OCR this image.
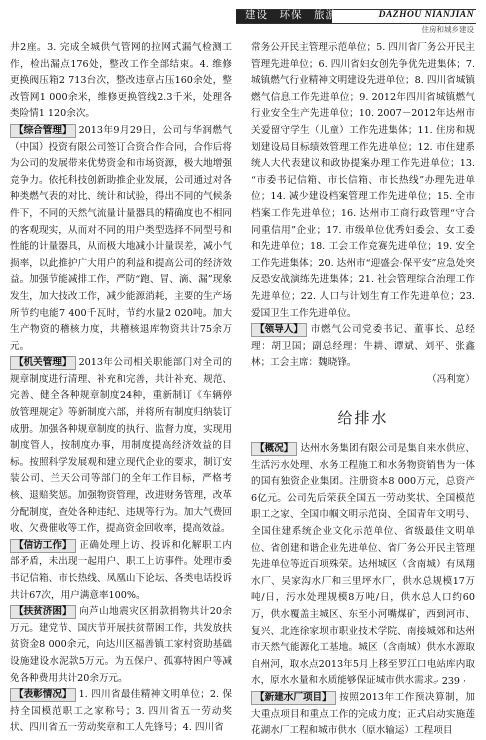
建设　环保　旅游	DAZHOU NIANJIAN
住房和城乡建设

井2座。3. 完成全城供气管网的拉网式漏气检测工作，检出漏点176处，整改工作全部结束。4. 维修更换阀压箱2 713台次，整改违章占压160余处，整改管网1 000余米，维修更换管线2.3千米，处理各类险情1 120余次。

【综合管理】 2013年9月29日，公司与华润燃气（中国）投资有限公司签订合资合作合同，合作后将为公司的发展带来优势资金和市场资源，极大地增强竞争力。依托科技创新助推企业发展，公司通过对各种类燃气表的对比、统计和试验，得出不同的气候条件下，不同的天然气流量计量器具的精确度也不相同的客观现实，从而对不同的用户类型选择不同型号和性能的计量器具，从而极大地减小计量误差，减小气损率，以此推护广大用户的利益和提高公司的经济效益。加强节能减排工作，严防“跑、冒、滴、漏”现象发生，加大技改工作，减少能源消耗，主要的生产场所节约电能7 400千瓦时，节约水量2 020吨。加大生产物资的稽核力度，共稽核退库物资共计75余万元。

【机关管理】 2013年公司相关职能部门对全司的规章制度进行清理、补充和完善，共计补充、规范、完善、健全各种规章制度24种，重新制订《车辆停放管理规定》等新制度六部，并将所有制度归纳装订成册。加强各种规章制度的执行、监督力度，实现用制度管人，按制度办事，用制度提高经济效益的目标。按照科学发展观和建立现代企业的要求，制订安装公司、兰天公司等部门的全年工作目标，严格考核、退赔奖惩。加强物资管理，改进财务管理，改革分配制度，查处各种违纪、违规等行为。加大气费回收、欠费催收等工作，提高资金回收率，提高效益。

【信访工作】 正确处理上访、投诉和化解职工内部矛盾，未出现一起用户、职工上访事件。处理市委书记信箱、市长热线、凤凰山下论坛、各类电话投诉共计67次，用户满意率100%。

【扶贫济困】 向芦山地震灾区捐款捐物共计20余万元。建党节、国庆节开展扶贫帮困工作，共发放扶贫资金8 000余元，向达川区福善镇工家村资助基础设施建设水泥款5万元。为五保户、孤寡特困户等减免各种费用共计20余万元。

【表彰情况】 1. 四川省最佳精神文明单位；2. 保持全国模范职工之家称号；3. 四川省五一劳动奖状、四川省五一劳动奖章和工人先锋号；4. 四川省

常务公开民主管理示范单位；5. 四川省厂务公开民主管理先进单位；6. 四川省妇女创先争优先进集体；7. 城镇燃气行业精神文明建设先进单位；8. 四川省城镇燃气信息工作先进单位；9. 2012年四川省城镇燃气行业安全生产先进单位；10. 2007－2012年达州市关爱留守学生（儿童）工作先进集体；11. 住房和规划建设局目标绩效管理工作先进单位；12. 市住建系统人大代表建议和政协提案办理工作先进单位；13. “市委书记信箱、市长信箱、市长热线”办理先进单位；14. 减少建设档案管理工作先进单位；15. 全市档案工作先进单位；16. 达州市工商行政管理“守合同重信用”企业；17. 市级单位优秀妇委会、女工委和先进单位；18. 工会工作竞赛先进单位；19. 安全工作先进集体；20. 达州市“迎盛会·保平安”应急处突反恐安战演练先进集体；21. 社会管理综合治理工作先进单位；22. 人口与计划生育工作先进单位；23. 爱国卫生工作先进单位。

【领导人】 市燃气公司党委书记、董事长、总经理：胡卫国；副总经理：牛耕、谭斌、刘平、张鑫林；工会主席：魏晓锋。

（冯利宽）

给排水

【概况】 达州水务集团有限公司是集自来水供应、生活污水处理、水务工程施工和水务物资销售为一体的国有独资企业集团。注册资本8 000万元，总资产6亿元。公司先后荣获全国五一劳动奖状、全国模范职工之家、全国巾帼文明示范岗、全国青年文明号、全国住建系统企业文化示范单位、省级最佳文明单位、省创建和谐企业先进单位、省厂务公开民主管理先进单位等近百项殊荣。达州城区（含南城）有凤翔水厂、吴家沟水厂和三里坪水厂，供水总规模17万吨/日，污水处理规模8万吨/日，供水总人口约60万，供水覆盖主城区、东至小河嘴煤矿，西到河市、复兴、北连徐家坝市职业技术学院、南接城郊和达州市天然气能源化工基地。城区（含南城）供水水源取自州河，取水点2013年5月上移至罗江口电站库内取水，原水水量和水质能够保证城市供水需求。

【新建水厂项目】 按照2013年工作预决算制，加大重点项目和重点工作的完成力度；正式启动实施莲花湖水厂工程和城市供水（原水输运）工程项目

· 239 ·
